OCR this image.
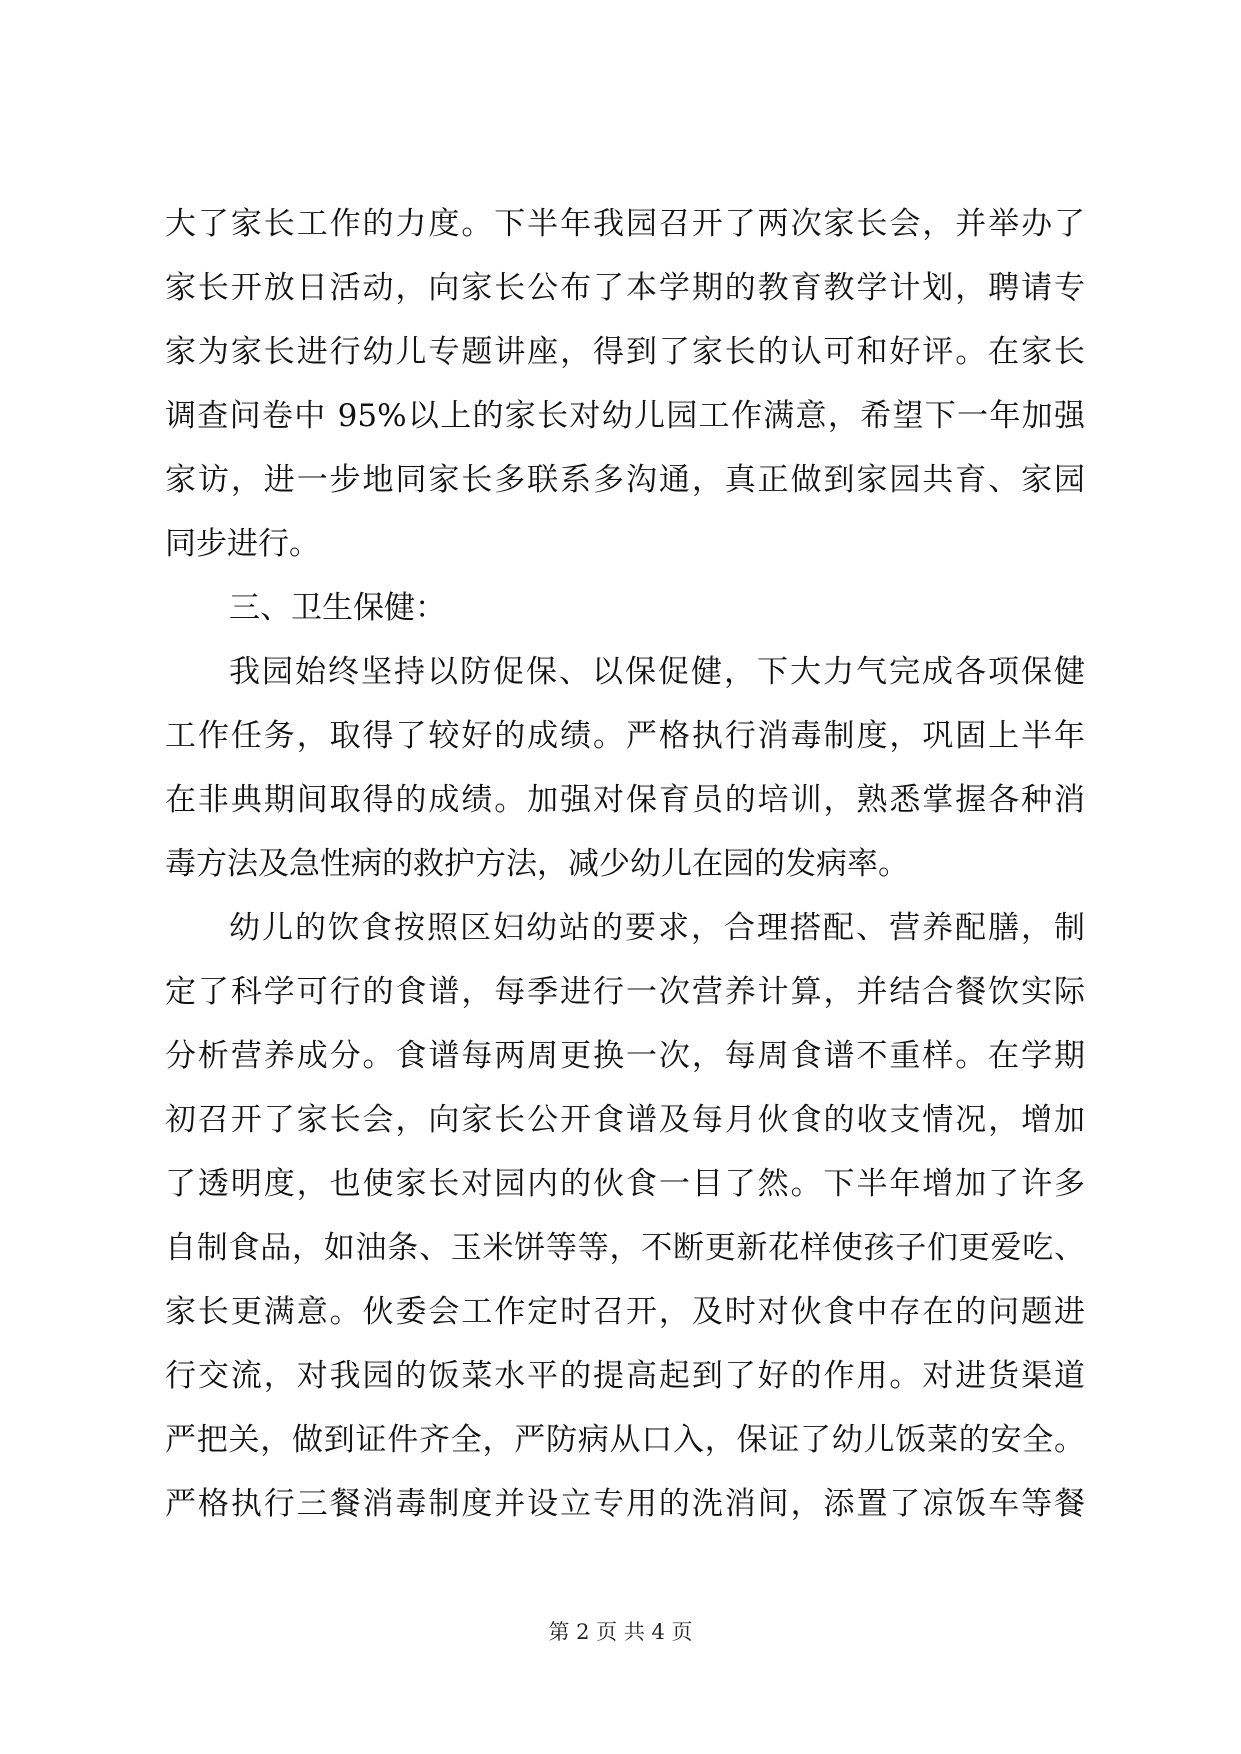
大了家长工作的力度。下半年我园召开了两次家长会，并举办了
家长开放日活动，向家长公布了本学期的教育教学计划，聘请专
家为家长进行幼儿专题讲座，得到了家长的认可和好评。在家长
调查问卷中 95%以上的家长对幼儿园工作满意，希望下一年加强
家访，进一步地同家长多联系多沟通，真正做到家园共育、家园
同步进行。
三、卫生保健：
我园始终坚持以防促保、以保促健，下大力气完成各项保健
工作任务，取得了较好的成绩。严格执行消毒制度，巩固上半年
在非典期间取得的成绩。加强对保育员的培训，熟悉掌握各种消
毒方法及急性病的救护方法，减少幼儿在园的发病率。
幼儿的饮食按照区妇幼站的要求，合理搭配、营养配膳，制
定了科学可行的食谱，每季进行一次营养计算，并结合餐饮实际
分析营养成分。食谱每两周更换一次，每周食谱不重样。在学期
初召开了家长会，向家长公开食谱及每月伙食的收支情况，增加
了透明度，也使家长对园内的伙食一目了然。下半年增加了许多
自制食品，如油条、玉米饼等等，不断更新花样使孩子们更爱吃、
家长更满意。伙委会工作定时召开，及时对伙食中存在的问题进
行交流，对我园的饭菜水平的提高起到了好的作用。对进货渠道
严把关，做到证件齐全，严防病从口入，保证了幼儿饭菜的安全。
严格执行三餐消毒制度并设立专用的洗消间，添置了凉饭车等餐
第 2 页 共 4 页
